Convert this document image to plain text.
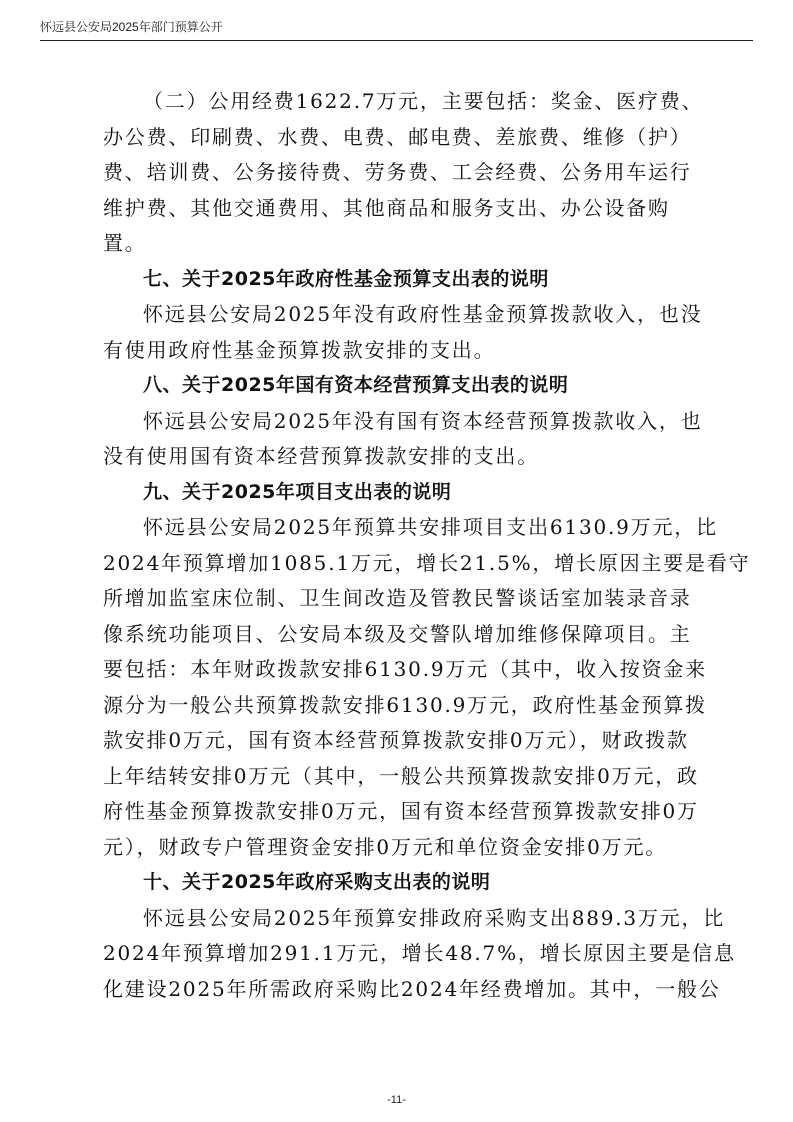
怀远县公安局2025年部门预算公开
（二）公用经费1622.7万元，主要包括：奖金、医疗费、
办公费、印刷费、水费、电费、邮电费、差旅费、维修（护）
费、培训费、公务接待费、劳务费、工会经费、公务用车运行
维护费、其他交通费用、其他商品和服务支出、办公设备购
置。
七、关于2025年政府性基金预算支出表的说明
怀远县公安局2025年没有政府性基金预算拨款收入，也没
有使用政府性基金预算拨款安排的支出。
八、关于2025年国有资本经营预算支出表的说明
怀远县公安局2025年没有国有资本经营预算拨款收入，也
没有使用国有资本经营预算拨款安排的支出。
九、关于2025年项目支出表的说明
怀远县公安局2025年预算共安排项目支出6130.9万元，比
2024年预算增加1085.1万元，增长21.5%，增长原因主要是看守
所增加监室床位制、卫生间改造及管教民警谈话室加装录音录
像系统功能项目、公安局本级及交警队增加维修保障项目。主
要包括：本年财政拨款安排6130.9万元（其中，收入按资金来
源分为一般公共预算拨款安排6130.9万元，政府性基金预算拨
款安排0万元，国有资本经营预算拨款安排0万元），财政拨款
上年结转安排0万元（其中，一般公共预算拨款安排0万元，政
府性基金预算拨款安排0万元，国有资本经营预算拨款安排0万
元），财政专户管理资金安排0万元和单位资金安排0万元。
十、关于2025年政府采购支出表的说明
怀远县公安局2025年预算安排政府采购支出889.3万元，比
2024年预算增加291.1万元，增长48.7%，增长原因主要是信息
化建设2025年所需政府采购比2024年经费增加。其中，一般公
-11-
